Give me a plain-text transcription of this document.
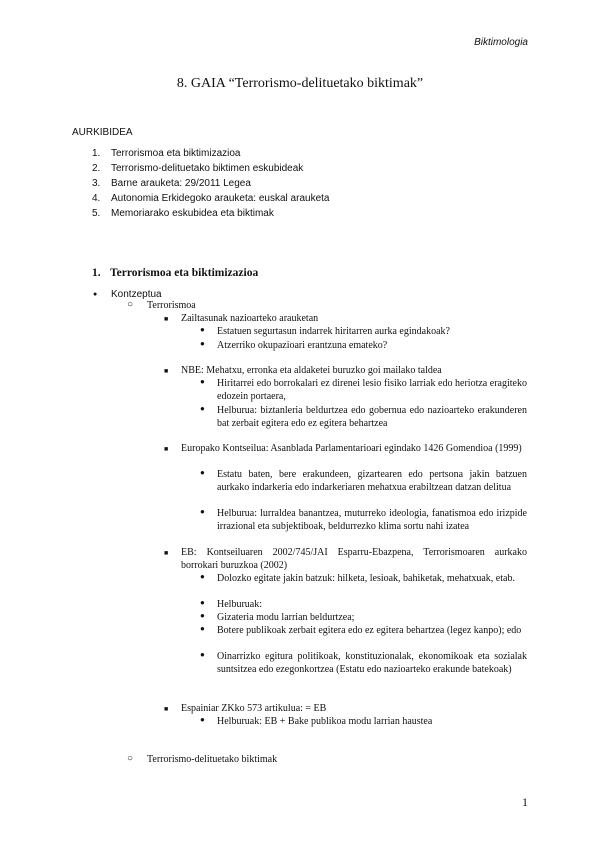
Biktimologia
8. GAIA “Terrorismo-delituetako biktimak”
AURKIBIDEA
1. Terrorismoa eta biktimizazioa
2. Terrorismo-delituetako biktimen eskubideak
3. Barne arauketa: 29/2011 Legea
4. Autonomia Erkidegoko arauketa: euskal arauketa
5. Memoriarako eskubidea eta biktimak
1. Terrorismoa eta biktimizazioa
● Kontzeptua
○ Terrorismoa
■ Zailtasunak nazioarteko arauketan
● Estatuen segurtasun indarrek hiritarren aurka egindakoak?
● Atzerriko okupazioari erantzuna emateko?
■ NBE: Mehatxu, erronka eta aldaketei buruzko goi mailako taldea
● Hiritarrei edo borrokalari ez direnei lesio fisiko larriak edo heriotza eragiteko edozein portaera,
● Helburua: biztanleria beldurtzea edo gobernua edo nazioarteko erakunderen bat zerbait egitera edo ez egitera behartzea
■ Europako Kontseilua: Asanblada Parlamentarioari egindako 1426 Gomendioa (1999)
● Estatu baten, bere erakundeen, gizartearen edo pertsona jakin batzuen aurkako indarkeria edo indarkeriaren mehatxua erabiltzean datzan delitua
● Helburua: lurraldea banantzea, muturreko ideologia, fanatismoa edo irizpide irrazional eta subjektiboak, beldurrezko klima sortu nahi izatea
■ EB: Kontseiluaren 2002/745/JAI Esparru-Ebazpena, Terrorismoaren aurkako borrokari buruzkoa (2002)
● Dolozko egitate jakin batzuk: hilketa, lesioak, bahiketak, mehatxuak, etab.
● Helburuak:
● Gizateria modu larrian beldurtzea;
● Botere publikoak zerbait egitera edo ez egitera behartzea (legez kanpo); edo
● Oinarrizko egitura politikoak, konstituzionalak, ekonomikoak eta sozialak suntsitzea edo ezegonkortzea (Estatu edo nazioarteko erakunde batekoak)
■ Espainiar ZKko 573 artikulua: = EB
● Helburuak: EB + Bake publikoa modu larrian haustea
○ Terrorismo-delituetako biktimak
1
